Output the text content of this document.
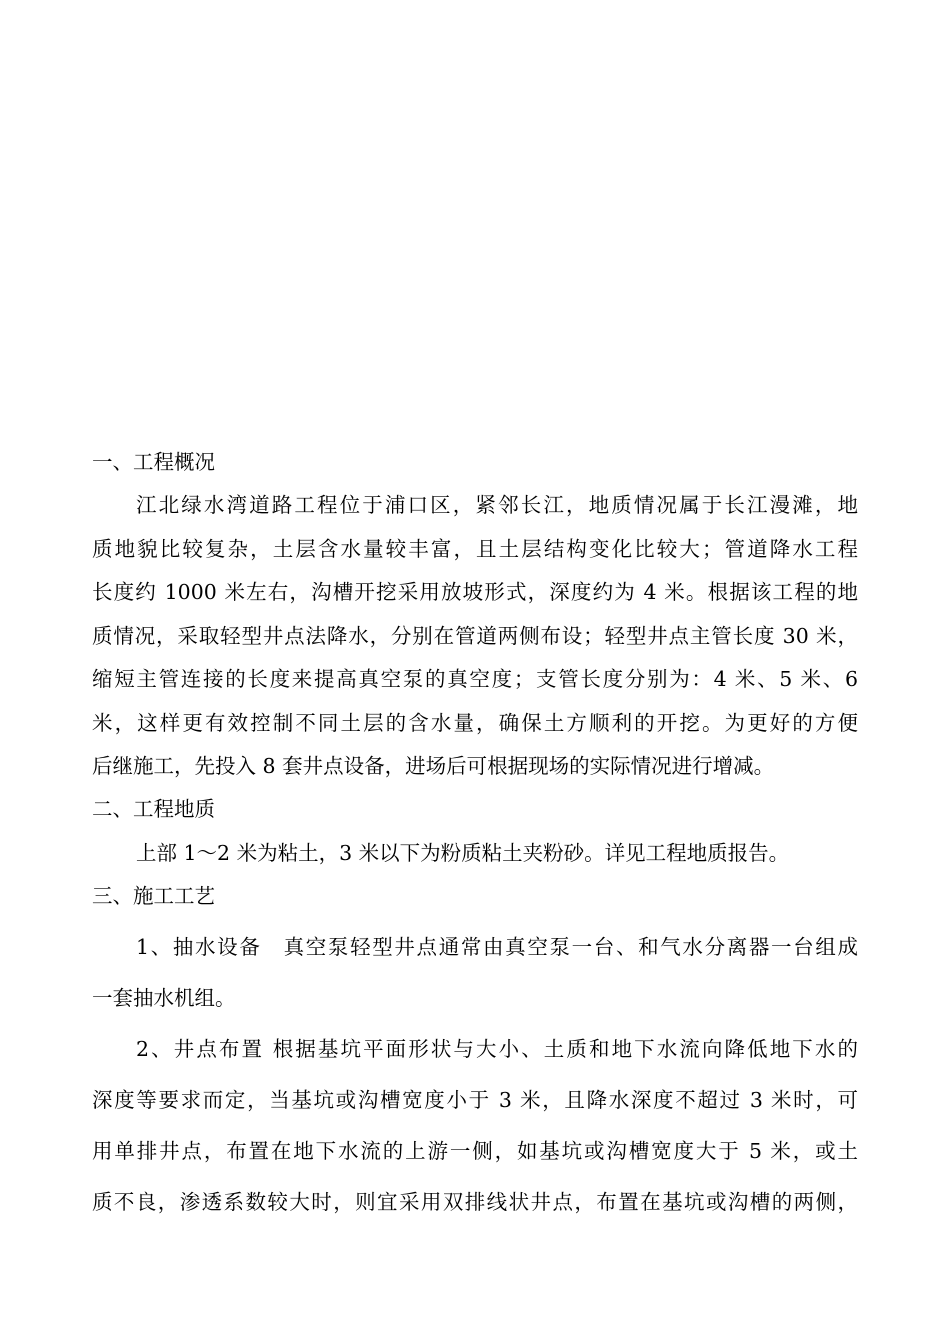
一、工程概况

江北绿水湾道路工程位于浦口区，紧邻长江，地质情况属于长江漫滩，地

质地貌比较复杂，土层含水量较丰富，且土层结构变化比较大；管道降水工程

长度约 1000 米左右，沟槽开挖采用放坡形式，深度约为 4 米。根据该工程的地

质情况，采取轻型井点法降水，分别在管道两侧布设；轻型井点主管长度 30 米，

缩短主管连接的长度来提高真空泵的真空度；支管长度分别为：4 米、5 米、6

米，这样更有效控制不同土层的含水量，确保土方顺利的开挖。为更好的方便

后继施工，先投入 8 套井点设备，进场后可根据现场的实际情况进行增减。

二、工程地质

上部 1～2 米为粘土，3 米以下为粉质粘土夹粉砂。详见工程地质报告。

三、施工工艺

1、抽水设备　真空泵轻型井点通常由真空泵一台、和气水分离器一台组成

一套抽水机组。

2、井点布置 根据基坑平面形状与大小、土质和地下水流向降低地下水的

深度等要求而定，当基坑或沟槽宽度小于 3 米，且降水深度不超过 3 米时，可

用单排井点，布置在地下水流的上游一侧，如基坑或沟槽宽度大于 5 米，或土

质不良，渗透系数较大时，则宜采用双排线状井点，布置在基坑或沟槽的两侧，
